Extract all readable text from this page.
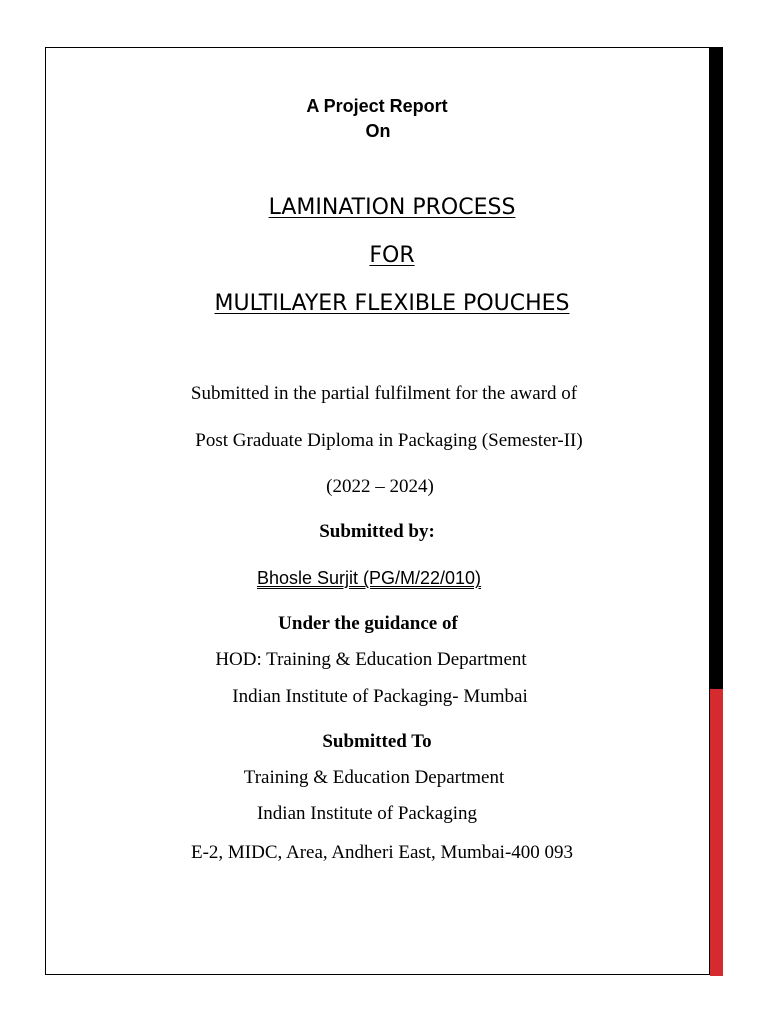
A Project Report
On
LAMINATION PROCESS
FOR
MULTILAYER FLEXIBLE POUCHES
Submitted in the partial fulfilment for the award of
Post Graduate Diploma in Packaging (Semester-II)
(2022 – 2024)
Submitted by:
Bhosle Surjit (PG/M/22/010)
Under the guidance of
HOD: Training & Education Department
Indian Institute of Packaging- Mumbai
Submitted To
Training & Education Department
Indian Institute of Packaging
E-2, MIDC, Area, Andheri East, Mumbai-400 093
